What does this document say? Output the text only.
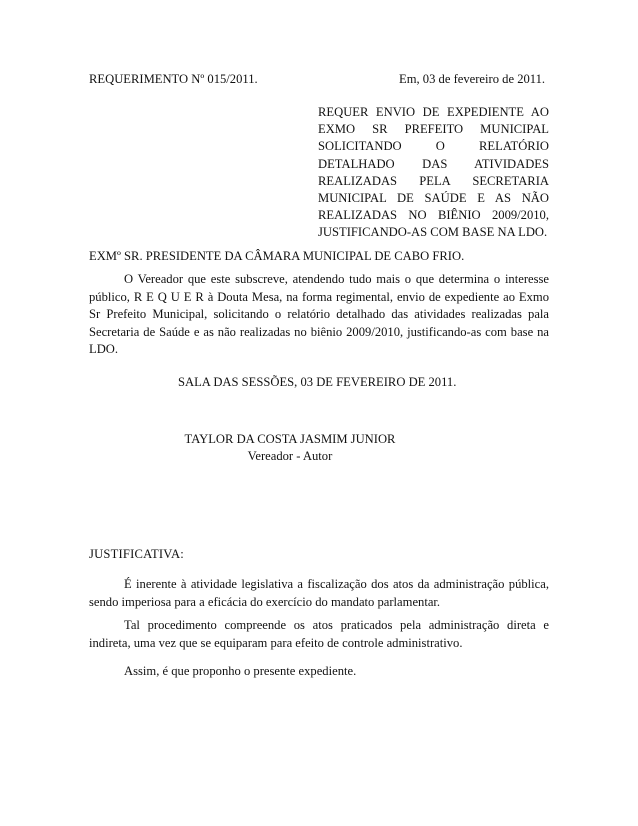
REQUERIMENTO Nº 015/2011.	Em, 03 de fevereiro de 2011.
REQUER ENVIO DE EXPEDIENTE AO EXMO SR PREFEITO MUNICIPAL SOLICITANDO O RELATÓRIO DETALHADO DAS ATIVIDADES REALIZADAS PELA SECRETARIA MUNICIPAL DE SAÚDE E AS NÃO REALIZADAS NO BIÊNIO 2009/2010, JUSTIFICANDO-AS COM BASE NA LDO.
EXMº SR. PRESIDENTE DA CÂMARA MUNICIPAL DE CABO FRIO.
O Vereador que este subscreve, atendendo tudo mais o que determina o interesse público, R E Q U E R à Douta Mesa, na forma regimental, envio de expediente ao Exmo Sr Prefeito Municipal, solicitando o relatório detalhado das atividades realizadas pala Secretaria de Saúde e as não realizadas no biênio 2009/2010, justificando-as com base na LDO.
SALA DAS SESSÕES, 03 DE FEVEREIRO DE 2011.
TAYLOR DA COSTA JASMIM JUNIOR
Vereador - Autor
JUSTIFICATIVA:
É inerente à atividade legislativa a fiscalização dos atos da administração pública, sendo imperiosa para a eficácia do exercício do mandato parlamentar.
Tal procedimento compreende os atos praticados pela administração direta e indireta, uma vez que se equiparam para efeito de controle administrativo.
Assim, é que proponho o presente expediente.
